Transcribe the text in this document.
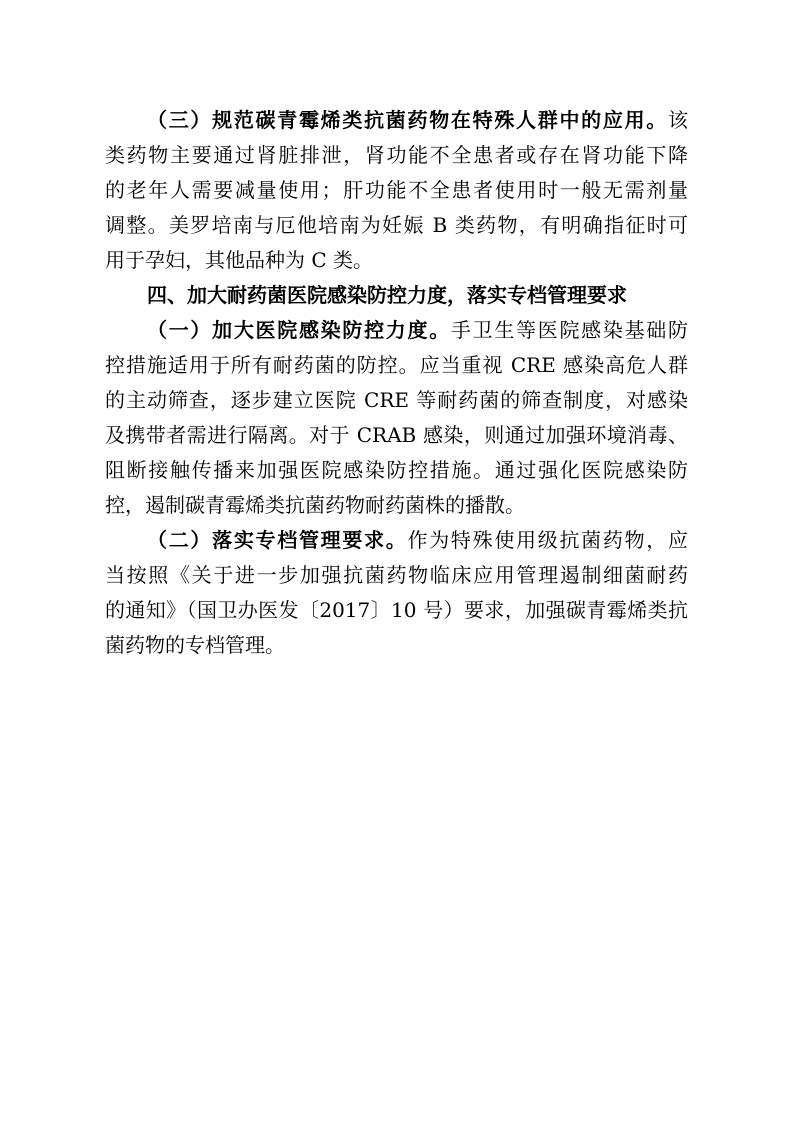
（三）规范碳青霉烯类抗菌药物在特殊人群中的应用。该
类药物主要通过肾脏排泄，肾功能不全患者或存在肾功能下降
的老年人需要减量使用；肝功能不全患者使用时一般无需剂量
调整。美罗培南与厄他培南为妊娠 B 类药物，有明确指征时可
用于孕妇，其他品种为 C 类。
四、加大耐药菌医院感染防控力度，落实专档管理要求
（一）加大医院感染防控力度。手卫生等医院感染基础防
控措施适用于所有耐药菌的防控。应当重视 CRE 感染高危人群
的主动筛查，逐步建立医院 CRE 等耐药菌的筛查制度，对感染
及携带者需进行隔离。对于 CRAB 感染，则通过加强环境消毒、
阻断接触传播来加强医院感染防控措施。通过强化医院感染防
控，遏制碳青霉烯类抗菌药物耐药菌株的播散。
（二）落实专档管理要求。作为特殊使用级抗菌药物，应
当按照《关于进一步加强抗菌药物临床应用管理遏制细菌耐药
的通知》（国卫办医发〔2017〕10 号）要求，加强碳青霉烯类抗
菌药物的专档管理。
